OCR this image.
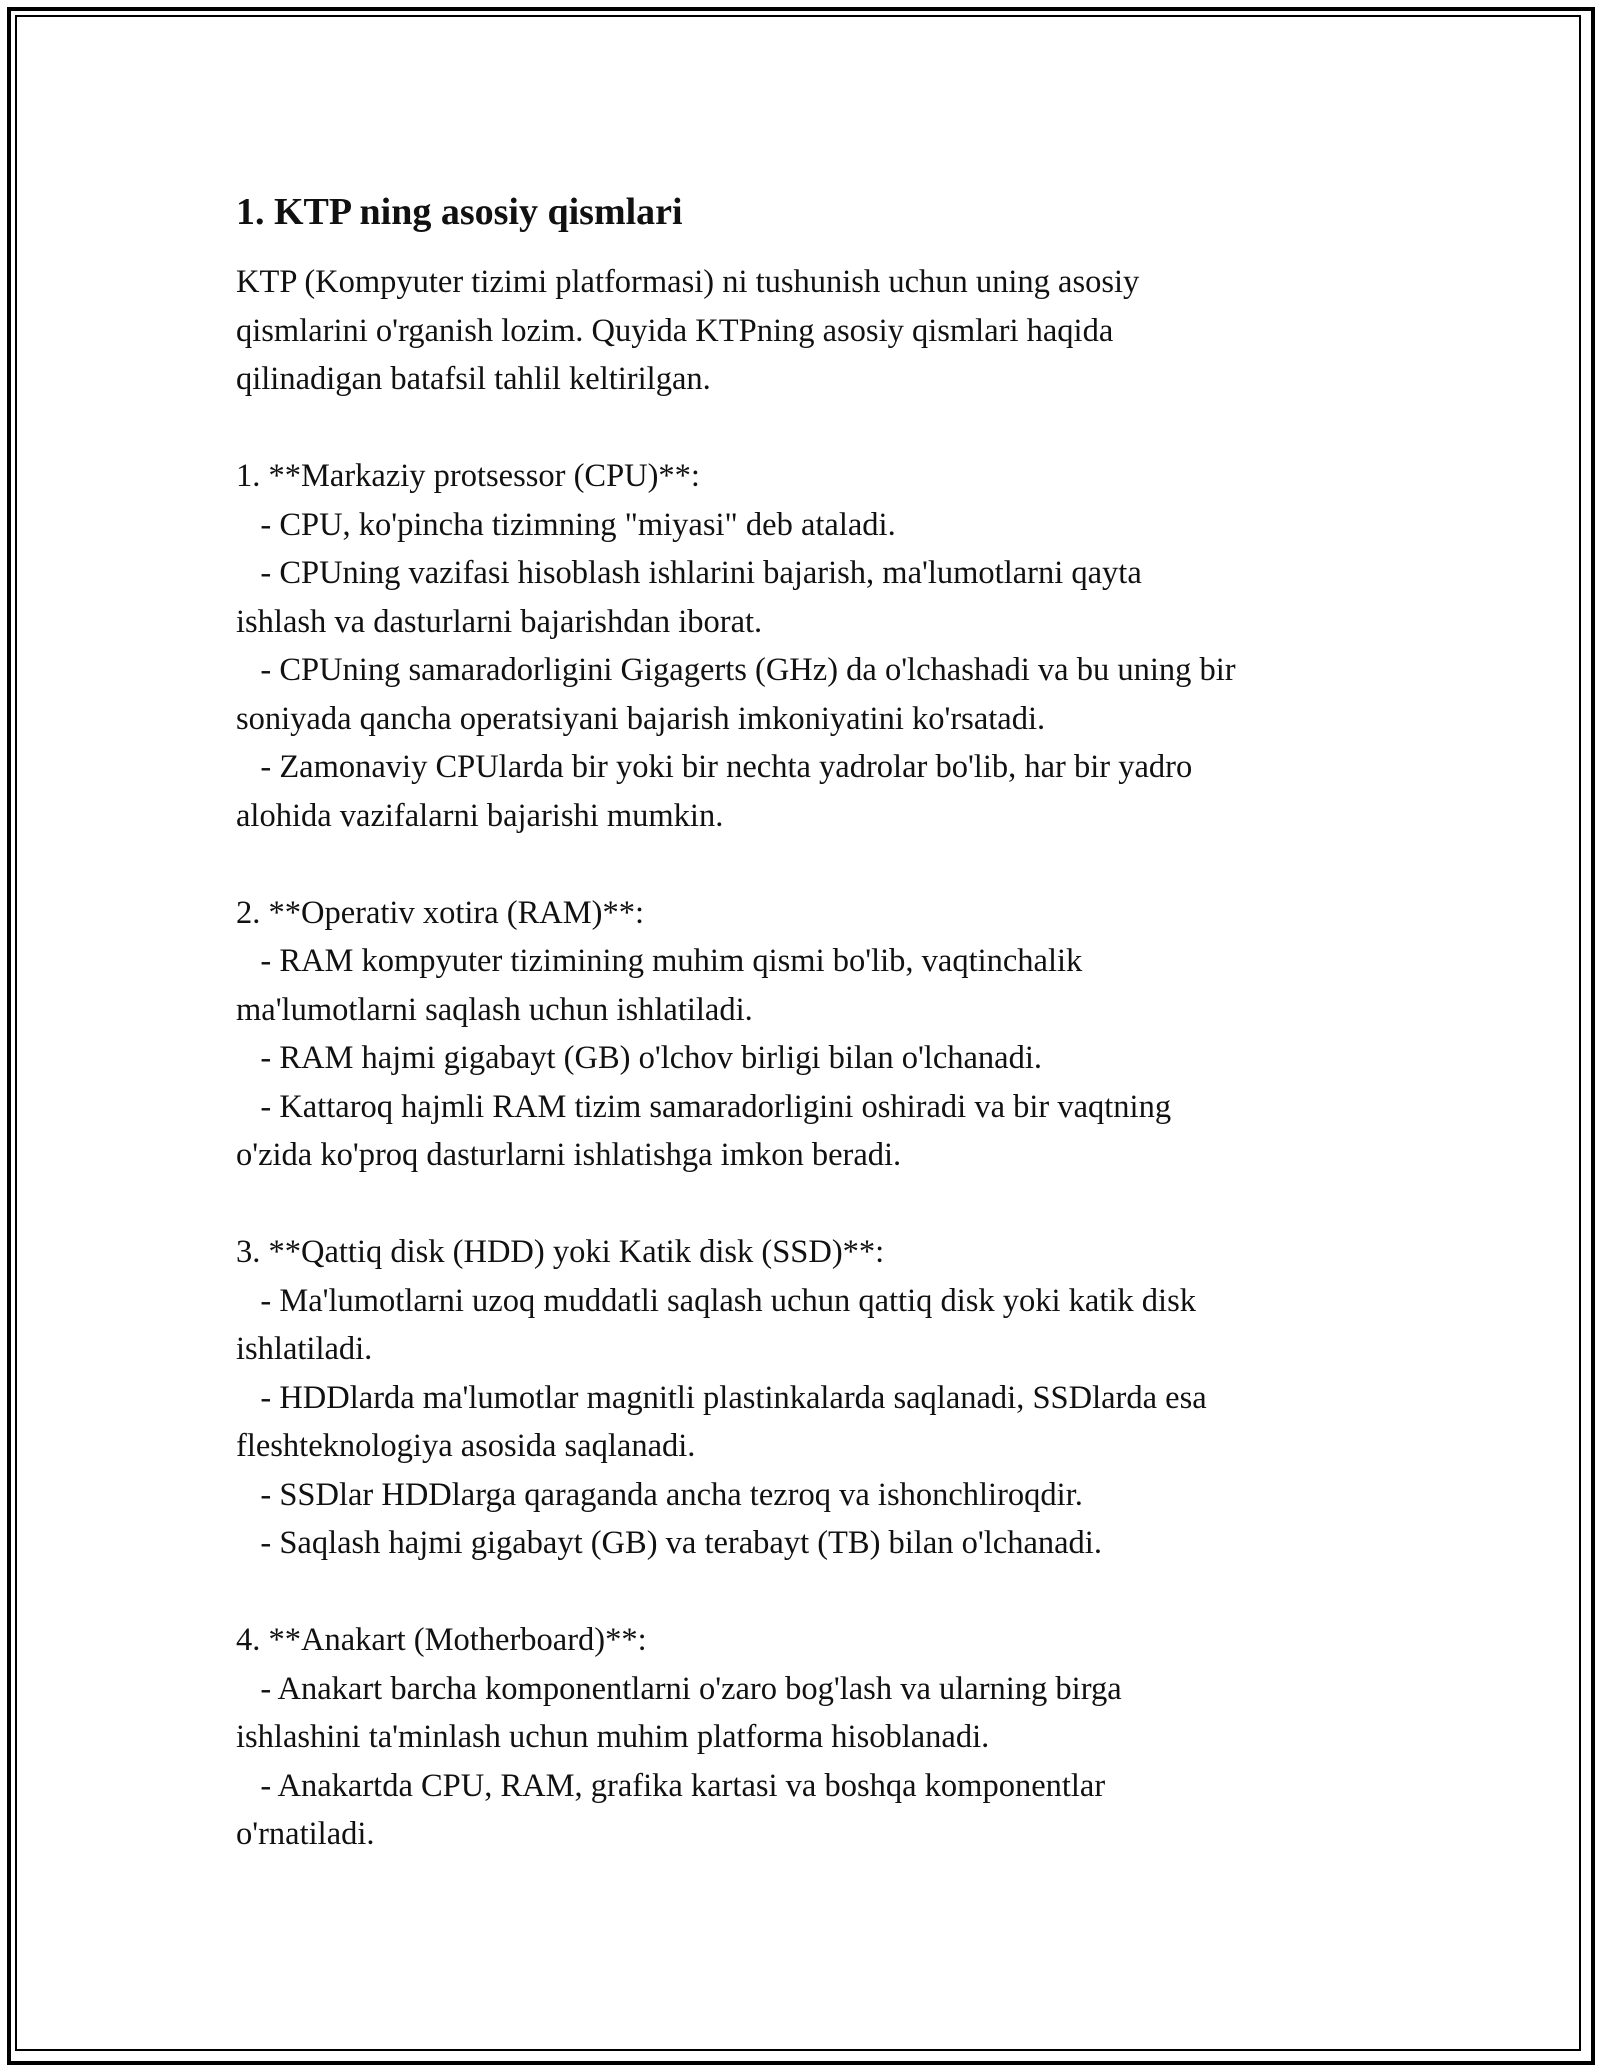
1. KTP ning asosiy qismlari
KTP (Kompyuter tizimi platformasi) ni tushunish uchun uning asosiy
qismlarini o'rganish lozim. Quyida KTPning asosiy qismlari haqida
qilinadigan batafsil tahlil keltirilgan.
1. **Markaziy protsessor (CPU)**:
- CPU, ko'pincha tizimning "miyasi" deb ataladi.
- CPUning vazifasi hisoblash ishlarini bajarish, ma'lumotlarni qayta
ishlash va dasturlarni bajarishdan iborat.
- CPUning samaradorligini Gigagerts (GHz) da o'lchashadi va bu uning bir
soniyada qancha operatsiyani bajarish imkoniyatini ko'rsatadi.
- Zamonaviy CPUlarda bir yoki bir nechta yadrolar bo'lib, har bir yadro
alohida vazifalarni bajarishi mumkin.
2. **Operativ xotira (RAM)**:
- RAM kompyuter tizimining muhim qismi bo'lib, vaqtinchalik
ma'lumotlarni saqlash uchun ishlatiladi.
- RAM hajmi gigabayt (GB) o'lchov birligi bilan o'lchanadi.
- Kattaroq hajmli RAM tizim samaradorligini oshiradi va bir vaqtning
o'zida ko'proq dasturlarni ishlatishga imkon beradi.
3. **Qattiq disk (HDD) yoki Katik disk (SSD)**:
- Ma'lumotlarni uzoq muddatli saqlash uchun qattiq disk yoki katik disk
ishlatiladi.
- HDDlarda ma'lumotlar magnitli plastinkalarda saqlanadi, SSDlarda esa
fleshteknologiya asosida saqlanadi.
- SSDlar HDDlarga qaraganda ancha tezroq va ishonchliroqdir.
- Saqlash hajmi gigabayt (GB) va terabayt (TB) bilan o'lchanadi.
4. **Anakart (Motherboard)**:
- Anakart barcha komponentlarni o'zaro bog'lash va ularning birga
ishlashini ta'minlash uchun muhim platforma hisoblanadi.
- Anakartda CPU, RAM, grafika kartasi va boshqa komponentlar
o'rnatiladi.
